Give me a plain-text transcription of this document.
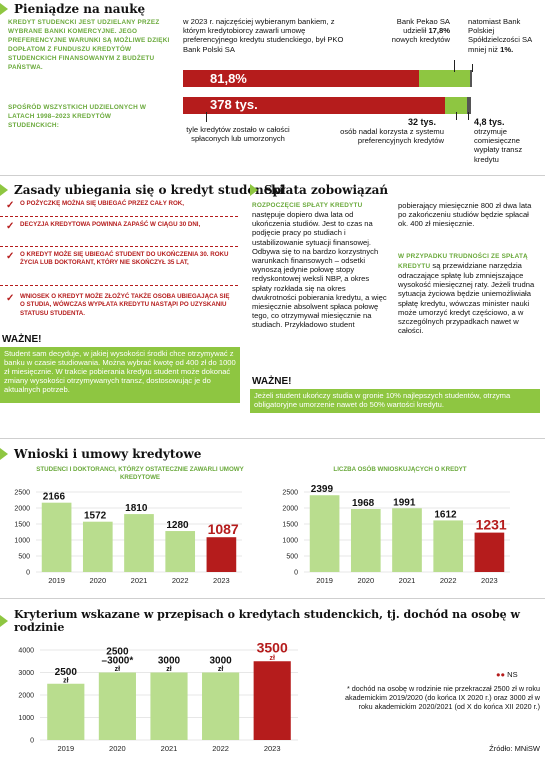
Pieniądze na naukę
KREDYT STUDENCKI JEST UDZIELANY PRZEZ WYBRANE BANKI KOMERCYJNE. JEGO PREFERENCYJNE WARUNKI SĄ MOŻLIWE DZIĘKI DOPŁATOM Z FUNDUSZU KREDYTÓW STUDENCKICH FINANSOWANYM Z BUDŻETU PAŃSTWA.
w 2023 r. najczęściej wybieranym bankiem, z którym kredytobiorcy zawarli umowę preferencyjnego kredytu studenckiego, był PKO Bank Polski SA
Bank Pekao SA udzielił 17,8% nowych kredytów
natomiast Bank Polskiej Spółdzielczości SA mniej niż 1%.
81,8%
SPOŚRÓD WSZYSTKICH UDZIELONYCH W LATACH 1998–2023 KREDYTÓW STUDENCKICH:
378 tys.
tyle kredytów zostało w całości spłaconych lub umorzonych
32 tys.
osób nadal korzysta z systemu preferencyjnych kredytów
4,8 tys.
otrzymuje comiesięczne wypłaty transz kredytu
Zasady ubiegania się o kredyt studencki
✓ O POŻYCZKĘ MOŻNA SIĘ UBIEGAĆ PRZEZ CAŁY ROK,
✓ DECYZJA KREDYTOWA POWINNA ZAPAŚĆ W CIĄGU 30 DNI,
✓ O KREDYT MOŻE SIĘ UBIEGAĆ STUDENT DO UKOŃCZENIA 30. ROKU ŻYCIA LUB DOKTORANT, KTÓRY NIE SKOŃCZYŁ 35 LAT,
✓ WNIOSEK O KREDYT MOŻE ZŁOŻYĆ TAKŻE OSOBA UBIEGAJĄCA SIĘ O STUDIA, WÓWCZAS WYPŁATA KREDYTU NASTĄPI PO UZYSKANIU STATUSU STUDENTA.
WAŻNE!
Student sam decyduje, w jakiej wysokości środki chce otrzymywać z banku w czasie studiowania. Można wybrać kwotę od 400 zł do 1000 zł miesięcznie. W trakcie pobierania kredytu student może dokonać zmiany wysokości otrzymywanych transz, dostosowując je do aktualnych potrzeb.
Spłata zobowiązań
ROZPOCZĘCIE SPŁATY KREDYTU
następuje dopiero dwa lata od ukończenia studiów. Jest to czas na podjęcie pracy po studiach i ustabilizowanie sytuacji finansowej. Odbywa się to na bardzo korzystnych warunkach finansowych – odsetki wynoszą jedynie połowę stopy redyskontowej weksli NBP, a okres spłaty rozkłada się na okres dwukrotności pobierania kredytu, a więc miesięcznie absolwent spłaca połowę tego, co otrzymywał miesięcznie na studiach. Przykładowo student
pobierający miesięcznie 800 zł dwa lata po zakończeniu studiów będzie spłacał ok. 400 zł miesięcznie.
W PRZYPADKU TRUDNOŚCI ZE SPŁATĄ KREDYTU są przewidziane narzędzia odraczające spłatę lub zmniejszające wysokość miesięcznej raty. Jeżeli trudna sytuacja życiowa będzie uniemożliwiała spłatę kredytu, wówczas minister nauki może umorzyć kredyt częściowo, a w szczególnych przypadkach nawet w całości.
WAŻNE!
Jeżeli student ukończy studia w gronie 10% najlepszych studentów, otrzyma obligatoryjne umorzenie nawet do 50% wartości kredytu.
Wnioski i umowy kredytowe
STUDENCI I DOKTORANCI, KTÓRZY OSTATECZNIE ZAWARLI UMOWY KREDYTOWE
LICZBA OSÓB WNIOSKUJĄCYCH O KREDYT
0
500
1000
1500
2000
2500
2019
2166
2020
1572
2021
1810
2022
1280
2023
1087
0
500
1000
1500
2000
2500
2019
2399
2020
1968
2021
1991
2022
1612
2023
1231
Kryterium wskazane w przepisach o kredytach studenckich, tj. dochód na osobę w rodzinie
0
1000
2000
3000
4000
2019
2500
zł
2020
2500
–3000*
zł
2021
3000
zł
2022
3000
zł
2023
3500
zł
●● NS
* dochód na osobę w rodzinie nie przekraczał 2500 zł w roku akademickim 2019/2020 (do końca IX 2020 r.) oraz 3000 zł w roku akademickim 2020/2021 (od X do końca XII 2020 r.)
Źródło: MNiSW
